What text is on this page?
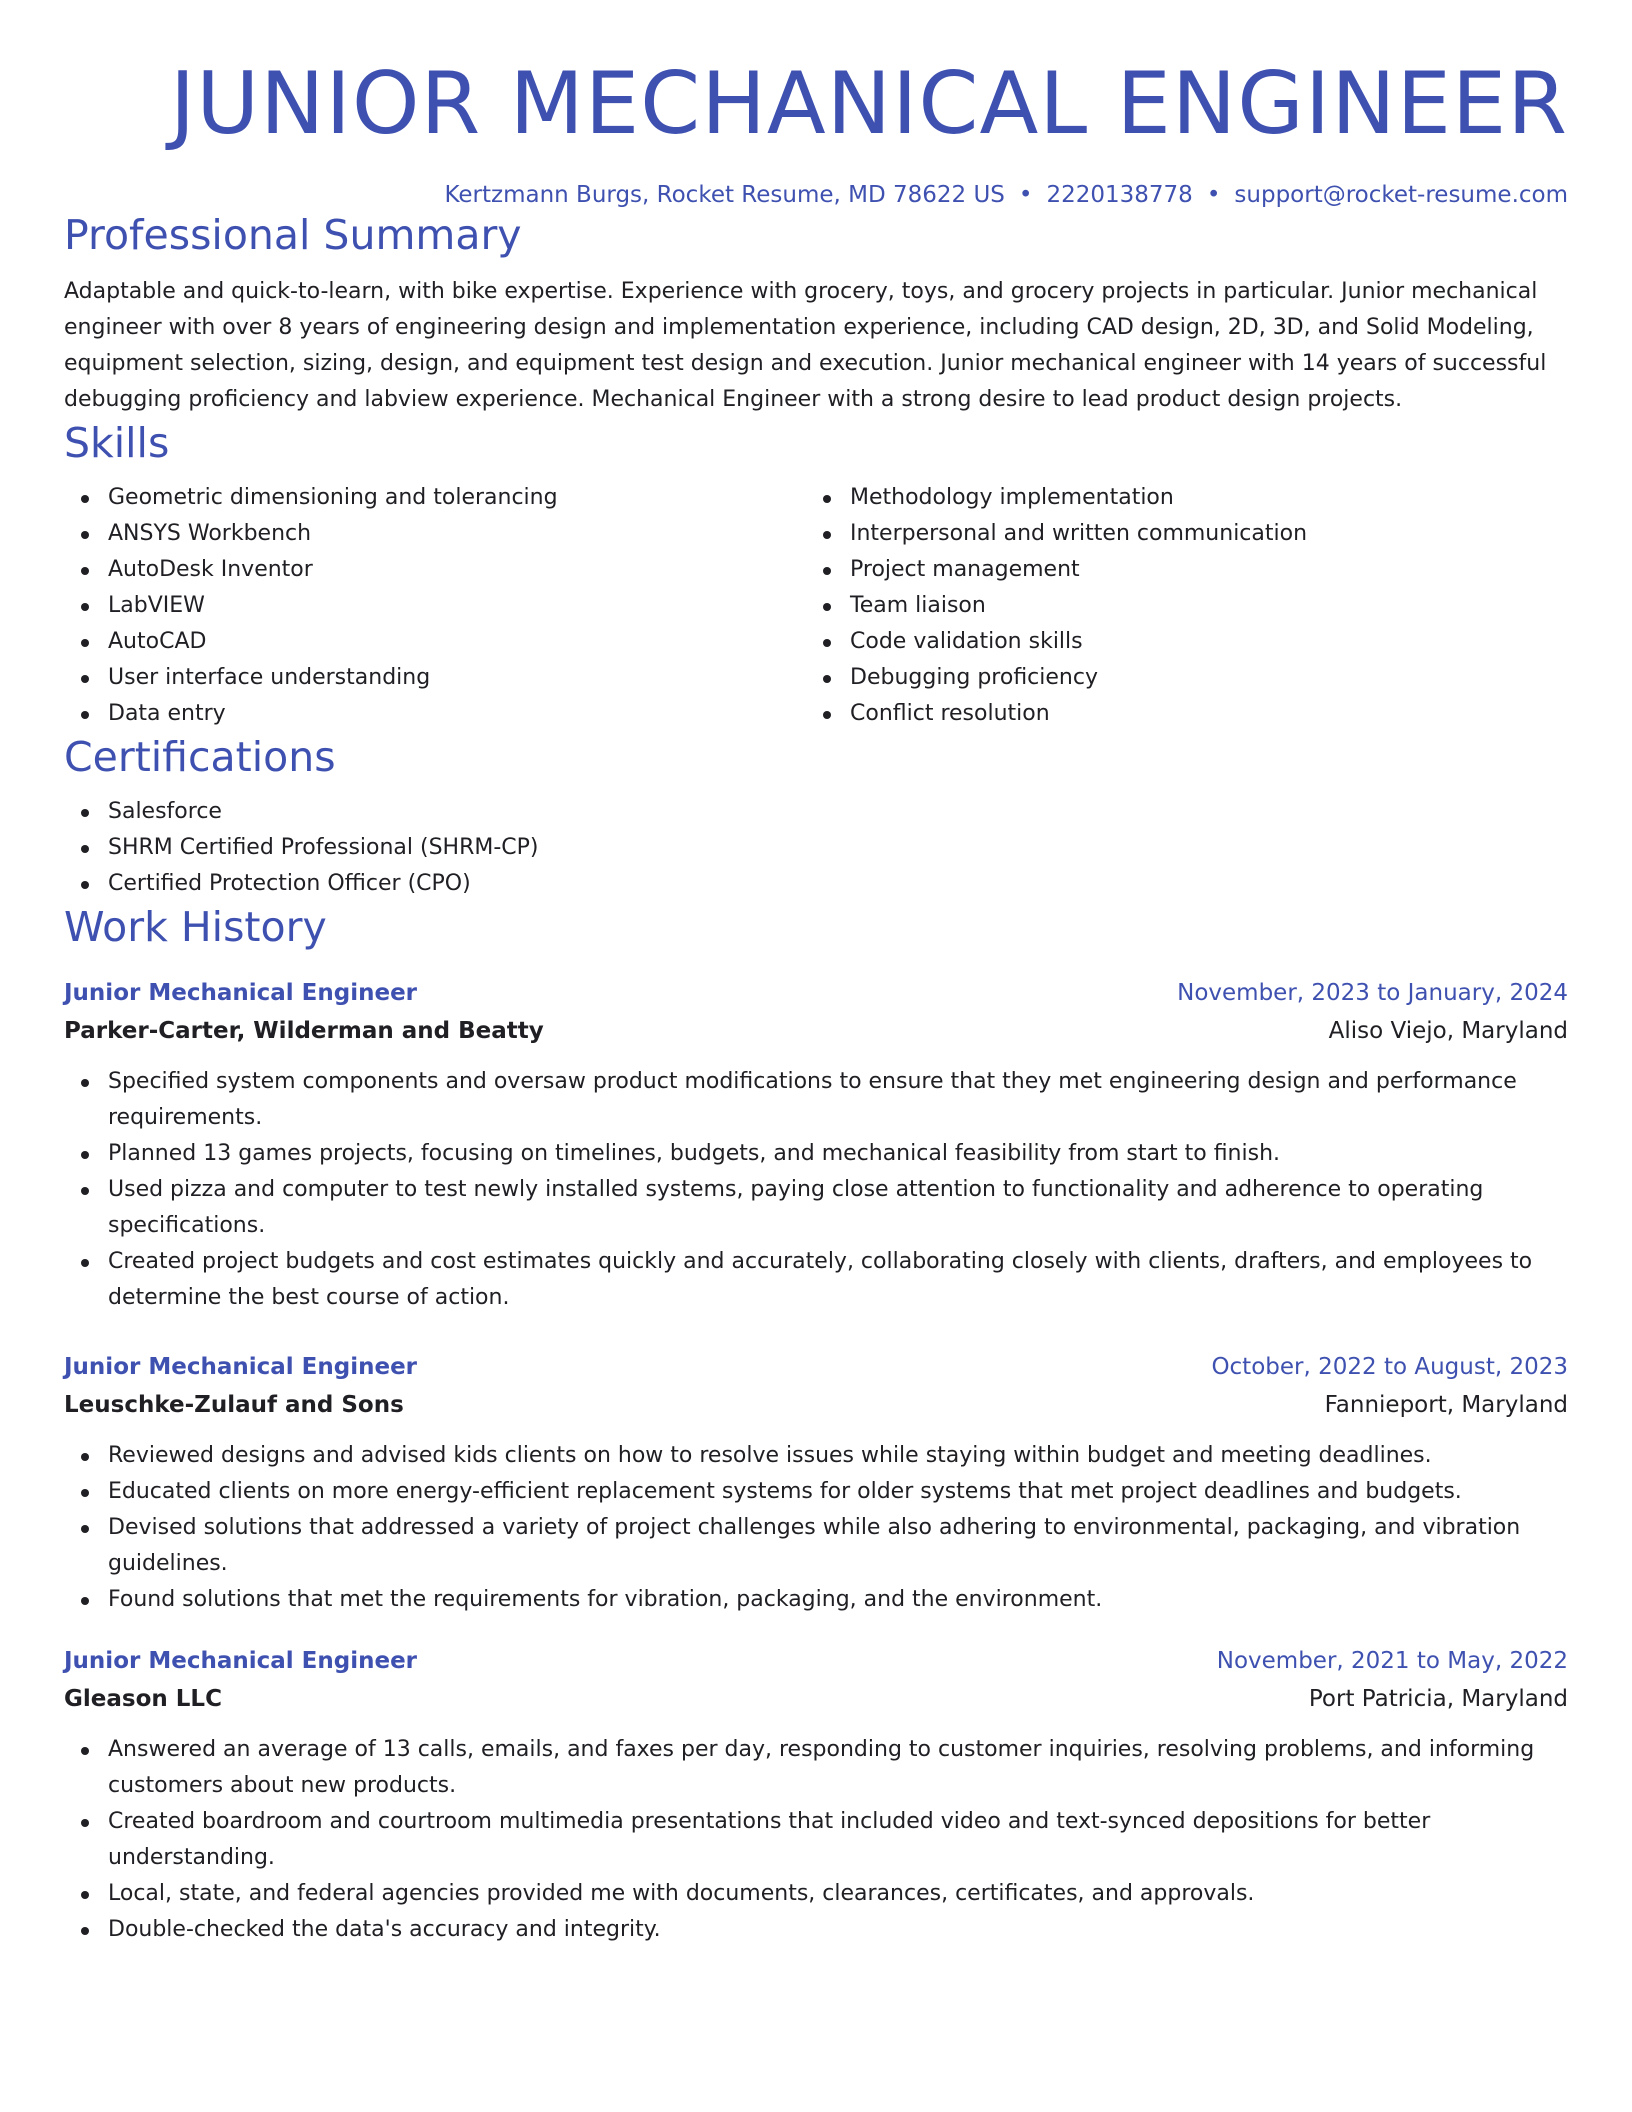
JUNIOR MECHANICAL ENGINEER
Kertzmann Burgs, Rocket Resume, MD 78622 US • 2220138778 • support@rocket-resume.com
Professional Summary

Adaptable and quick-to-learn, with bike expertise. Experience with grocery, toys, and grocery projects in particular. Junior mechanical engineer with over 8 years of engineering design and implementation experience, including CAD design, 2D, 3D, and Solid Modeling, equipment selection, sizing, design, and equipment test design and execution. Junior mechanical engineer with 14 years of successful debugging proficiency and labview experience. Mechanical Engineer with a strong desire to lead product design projects.

Skills
Geometric dimensioning and tolerancing
ANSYS Workbench
AutoDesk Inventor
LabVIEW
AutoCAD
User interface understanding
Data entry
Methodology implementation
Interpersonal and written communication
Project management
Team liaison
Code validation skills
Debugging proficiency
Conflict resolution
Certifications
Salesforce
SHRM Certified Professional (SHRM-CP)
Certified Protection Officer (CPO)
Work History
Junior Mechanical Engineer	November, 2023 to January, 2024
Parker-Carter, Wilderman and Beatty	Aliso Viejo, Maryland
Specified system components and oversaw product modifications to ensure that they met engineering design and performance requirements.
Planned 13 games projects, focusing on timelines, budgets, and mechanical feasibility from start to finish.
Used pizza and computer to test newly installed systems, paying close attention to functionality and adherence to operating specifications.
Created project budgets and cost estimates quickly and accurately, collaborating closely with clients, drafters, and employees to determine the best course of action.
Junior Mechanical Engineer	October, 2022 to August, 2023
Leuschke-Zulauf and Sons	Fannieport, Maryland
Reviewed designs and advised kids clients on how to resolve issues while staying within budget and meeting deadlines.
Educated clients on more energy-efficient replacement systems for older systems that met project deadlines and budgets.
Devised solutions that addressed a variety of project challenges while also adhering to environmental, packaging, and vibration guidelines.
Found solutions that met the requirements for vibration, packaging, and the environment.
Junior Mechanical Engineer	November, 2021 to May, 2022
Gleason LLC	Port Patricia, Maryland
Answered an average of 13 calls, emails, and faxes per day, responding to customer inquiries, resolving problems, and informing customers about new products.
Created boardroom and courtroom multimedia presentations that included video and text-synced depositions for better understanding.
Local, state, and federal agencies provided me with documents, clearances, certificates, and approvals.
Double-checked the data's accuracy and integrity.
